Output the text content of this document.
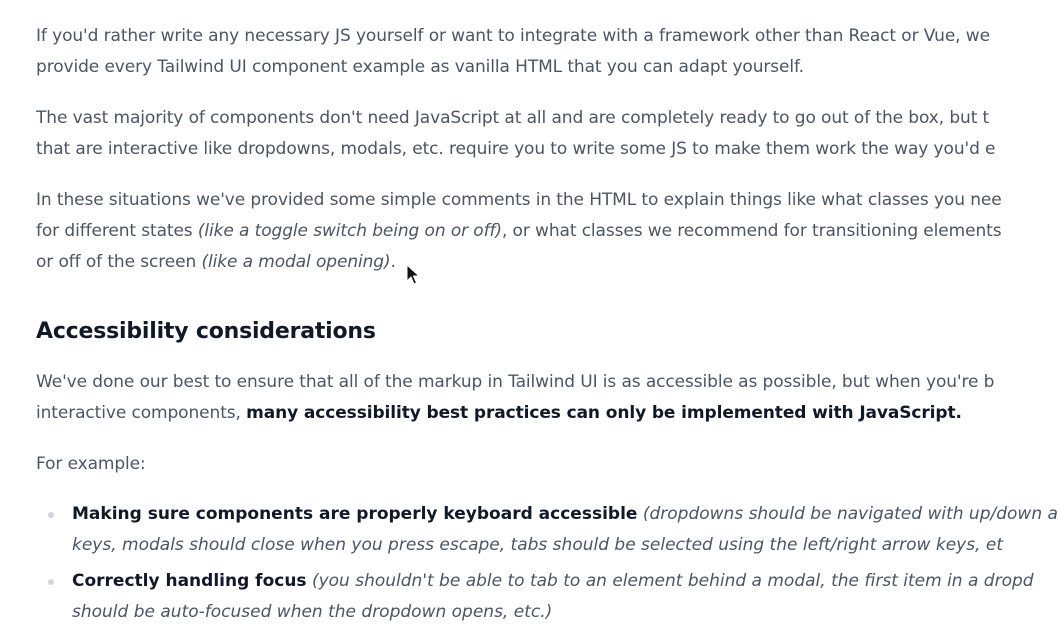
If you'd rather write any necessary JS yourself or want to integrate with a framework other than React or Vue, we
provide every Tailwind UI component example as vanilla HTML that you can adapt yourself.

The vast majority of components don't need JavaScript at all and are completely ready to go out of the box, but t
that are interactive like dropdowns, modals, etc. require you to write some JS to make them work the way you'd e

In these situations we've provided some simple comments in the HTML to explain things like what classes you nee
for different states (like a toggle switch being on or off), or what classes we recommend for transitioning elements
or off of the screen (like a modal opening).

Accessibility considerations

We've done our best to ensure that all of the markup in Tailwind UI is as accessible as possible, but when you're b
interactive components, many accessibility best practices can only be implemented with JavaScript.

For example:

Making sure components are properly keyboard accessible (dropdowns should be navigated with up/down a
keys, modals should close when you press escape, tabs should be selected using the left/right arrow keys, et
Correctly handling focus (you shouldn't be able to tab to an element behind a modal, the first item in a dropd
should be auto-focused when the dropdown opens, etc.)
